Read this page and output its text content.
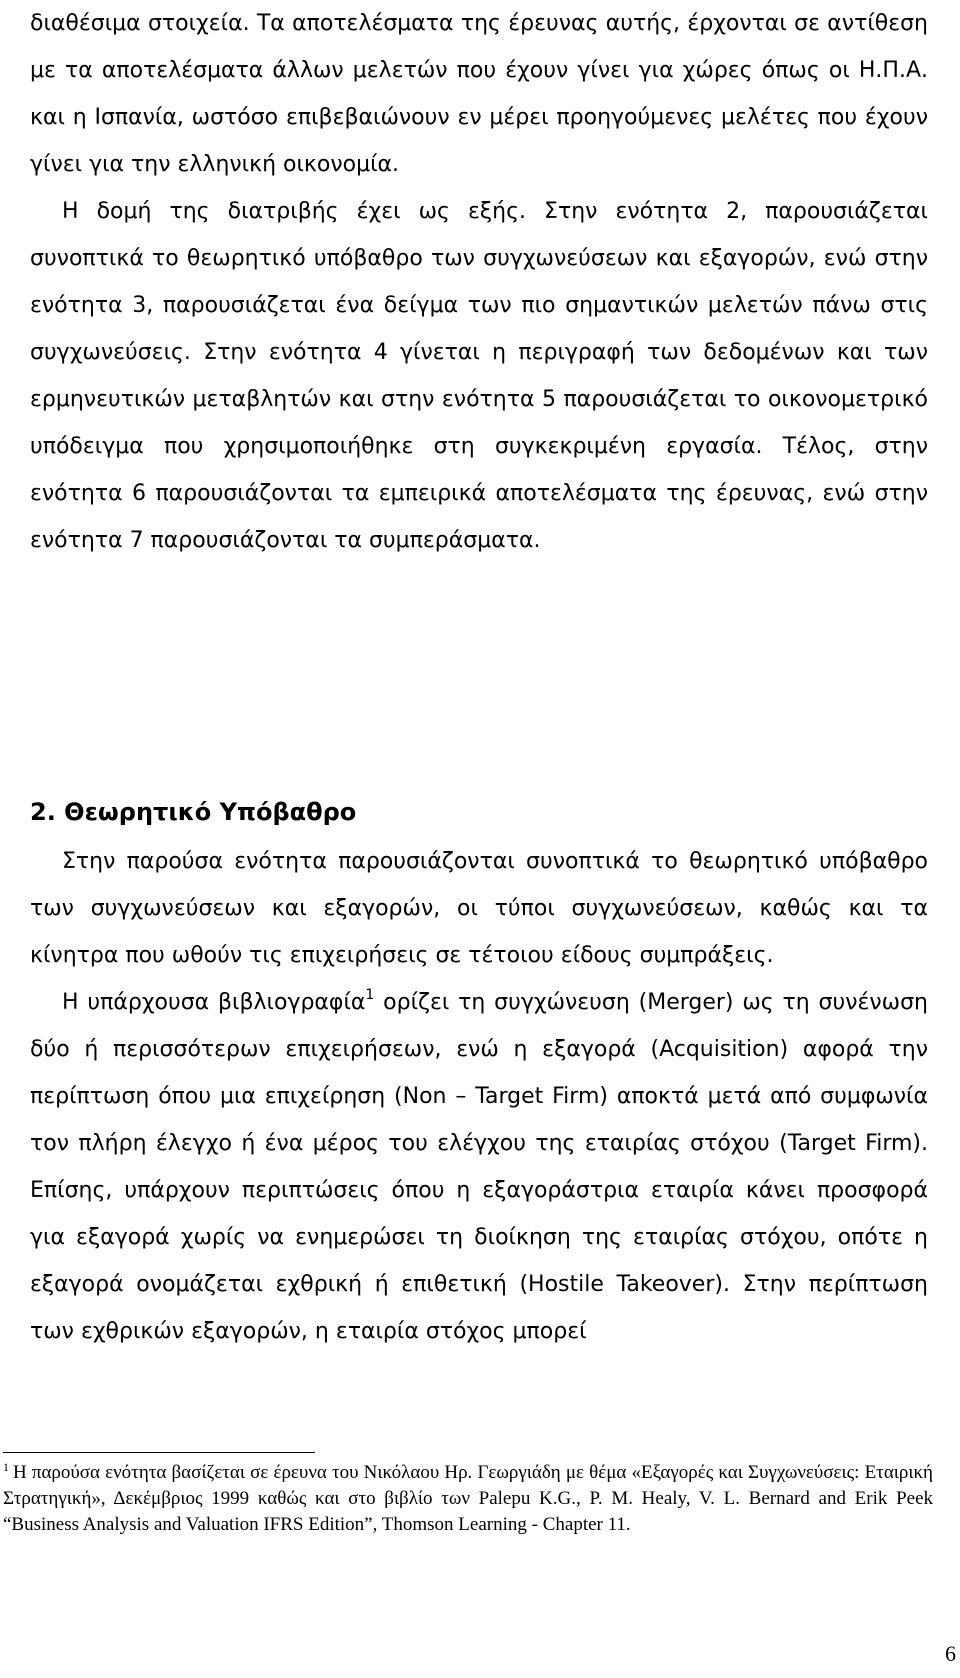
διαθέσιμα στοιχεία. Τα αποτελέσματα της έρευνας αυτής, έρχονται σε αντίθεση με τα αποτελέσματα άλλων μελετών που έχουν γίνει για χώρες όπως οι Η.Π.Α. και η Ισπανία, ωστόσο επιβεβαιώνουν εν μέρει προηγούμενες μελέτες που έχουν γίνει για την ελληνική οικονομία.

Η δομή της διατριβής έχει ως εξής. Στην ενότητα 2, παρουσιάζεται συνοπτικά το θεωρητικό υπόβαθρο των συγχωνεύσεων και εξαγορών, ενώ στην ενότητα 3, παρουσιάζεται ένα δείγμα των πιο σημαντικών μελετών πάνω στις συγχωνεύσεις. Στην ενότητα 4 γίνεται η περιγραφή των δεδομένων και των ερμηνευτικών μεταβλητών και στην ενότητα 5 παρουσιάζεται το οικονομετρικό υπόδειγμα που χρησιμοποιήθηκε στη συγκεκριμένη εργασία. Τέλος, στην ενότητα 6 παρουσιάζονται τα εμπειρικά αποτελέσματα της έρευνας, ενώ στην ενότητα 7 παρουσιάζονται τα συμπεράσματα.

2. Θεωρητικό Υπόβαθρο

Στην παρούσα ενότητα παρουσιάζονται συνοπτικά το θεωρητικό υπόβαθρο των συγχωνεύσεων και εξαγορών, οι τύποι συγχωνεύσεων, καθώς και τα κίνητρα που ωθούν τις επιχειρήσεις σε τέτοιου είδους συμπράξεις.

Η υπάρχουσα βιβλιογραφία$^1$ ορίζει τη συγχώνευση (Merger) ως τη συνένωση δύο ή περισσότερων επιχειρήσεων, ενώ η εξαγορά (Acquisition) αφορά την περίπτωση όπου μια επιχείρηση (Non – Target Firm) αποκτά μετά από συμφωνία τον πλήρη έλεγχο ή ένα μέρος του ελέγχου της εταιρίας στόχου (Target Firm). Επίσης, υπάρχουν περιπτώσεις όπου η εξαγοράστρια εταιρία κάνει προσφορά για εξαγορά χωρίς να ενημερώσει τη διοίκηση της εταιρίας στόχου, οπότε η εξαγορά ονομάζεται εχθρική ή επιθετική (Hostile Takeover). Στην περίπτωση των εχθρικών εξαγορών, η εταιρία στόχος μπορεί

$^1$ Η παρούσα ενότητα βασίζεται σε έρευνα του Νικόλαου Ηρ. Γεωργιάδη με θέμα «Εξαγορές και Συγχωνεύσεις: Εταιρική Στρατηγική», Δεκέμβριος 1999 καθώς και στο βιβλίο των Palepu K.G., P. M. Healy, V. L. Bernard and Erik Peek “Business Analysis and Valuation IFRS Edition”, Thomson Learning - Chapter 11.

6
